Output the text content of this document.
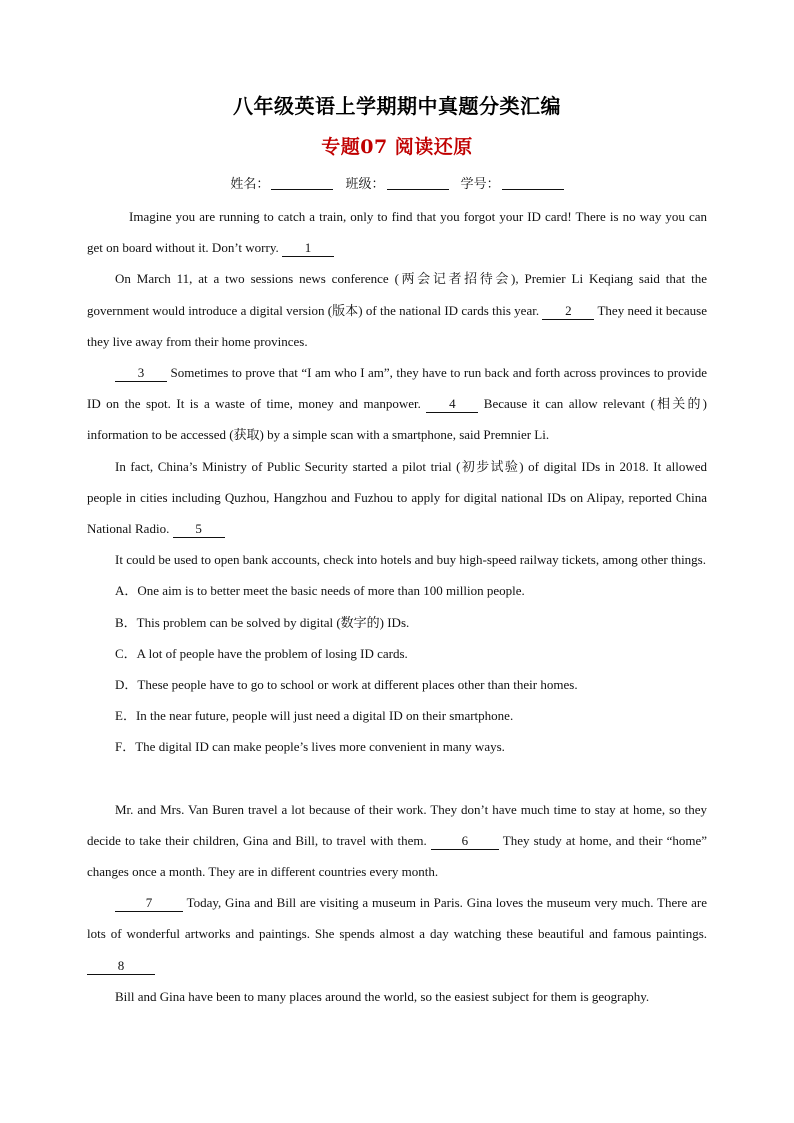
八年级英语上学期期中真题分类汇编
专题07 阅读还原
姓名：	班级：	学号：

Imagine you are running to catch a train, only to find that you forgot your ID card! There is no way you can get on board without it. Don’t worry. 1

On March 11, at a two sessions news conference (两会记者招待会), Premier Li Keqiang said that the government would introduce a digital version (版本) of the national ID cards this year. 2 They need it because they live away from their home provinces.

3 Sometimes to prove that “I am who I am”, they have to run back and forth across provinces to provide ID on the spot. It is a waste of time, money and manpower. 4 Because it can allow relevant (相关的) information to be accessed (获取) by a simple scan with a smartphone, said Premnier Li.

In fact, China’s Ministry of Public Security started a pilot trial (初步试验) of digital IDs in 2018. It allowed people in cities including Quzhou, Hangzhou and Fuzhou to apply for digital national IDs on Alipay, reported China National Radio. 5

It could be used to open bank accounts, check into hotels and buy high-speed railway tickets, among other things.

A．One aim is to better meet the basic needs of more than 100 million people.

B．This problem can be solved by digital (数字的) IDs.

C．A lot of people have the problem of losing ID cards.

D．These people have to go to school or work at different places other than their homes.

E．In the near future, people will just need a digital ID on their smartphone.

F．The digital ID can make people’s lives more convenient in many ways.

Mr. and Mrs. Van Buren travel a lot because of their work. They don’t have much time to stay at home, so they decide to take their children, Gina and Bill, to travel with them.	6	They study at home, and their “home” changes once a month. They are in different countries every month.

7	Today, Gina and Bill are visiting a museum in Paris. Gina loves the museum very much. There are lots of wonderful artworks and paintings. She spends almost a day watching these beautiful and famous paintings. 8

Bill and Gina have been to many places around the world, so the easiest subject for them is geography.
